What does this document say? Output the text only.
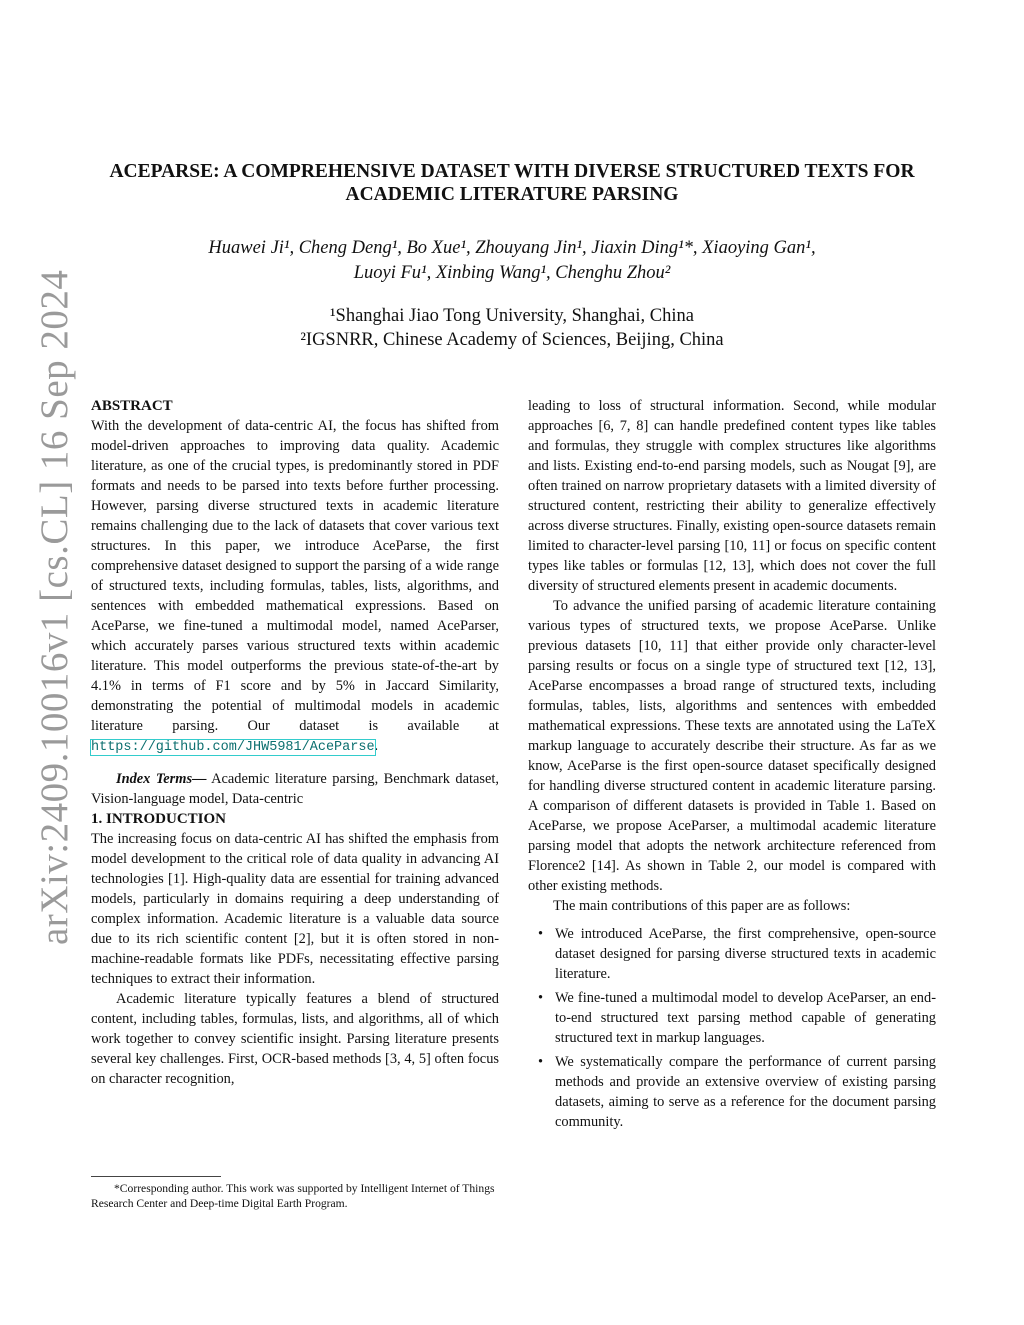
arXiv:2409.10016v1 [cs.CL] 16 Sep 2024
ACEPARSE: A COMPREHENSIVE DATASET WITH DIVERSE STRUCTURED TEXTS FOR
ACADEMIC LITERATURE PARSING
Huawei Ji¹, Cheng Deng¹, Bo Xue¹, Zhouyang Jin¹, Jiaxin Ding¹*, Xiaoying Gan¹,
Luoyi Fu¹, Xinbing Wang¹, Chenghu Zhou²
¹Shanghai Jiao Tong University, Shanghai, China
²IGSNRR, Chinese Academy of Sciences, Beijing, China

ABSTRACT

With the development of data-centric AI, the focus has shifted from model-driven approaches to improving data quality. Academic literature, as one of the crucial types, is predominantly stored in PDF formats and needs to be parsed into texts before further processing. However, parsing diverse structured texts in academic literature remains challenging due to the lack of datasets that cover various text structures. In this paper, we introduce AceParse, the first comprehensive dataset designed to support the parsing of a wide range of structured texts, including formulas, tables, lists, algorithms, and sentences with embedded mathematical expressions. Based on AceParse, we fine-tuned a multimodal model, named AceParser, which accurately parses various structured texts within academic literature. This model outperforms the previous state-of-the-art by 4.1% in terms of F1 score and by 5% in Jaccard Similarity, demonstrating the potential of multimodal models in academic literature parsing. Our dataset is available at https://github.com/JHW5981/AceParse.

Index Terms— Academic literature parsing, Benchmark dataset, Vision-language model, Data-centric

1. INTRODUCTION

The increasing focus on data-centric AI has shifted the emphasis from model development to the critical role of data quality in advancing AI technologies [1]. High-quality data are essential for training advanced models, particularly in domains requiring a deep understanding of complex information. Academic literature is a valuable data source due to its rich scientific content [2], but it is often stored in non-machine-readable formats like PDFs, necessitating effective parsing techniques to extract their information.

Academic literature typically features a blend of structured content, including tables, formulas, lists, and algorithms, all of which work together to convey scientific insight. Parsing literature presents several key challenges. First, OCR-based methods [3, 4, 5] often focus on character recognition,

*Corresponding author. This work was supported by Intelligent Internet of Things Research Center and Deep-time Digital Earth Program.

leading to loss of structural information. Second, while modular approaches [6, 7, 8] can handle predefined content types like tables and formulas, they struggle with complex structures like algorithms and lists. Existing end-to-end parsing models, such as Nougat [9], are often trained on narrow proprietary datasets with a limited diversity of structured content, restricting their ability to generalize effectively across diverse structures. Finally, existing open-source datasets remain limited to character-level parsing [10, 11] or focus on specific content types like tables or formulas [12, 13], which does not cover the full diversity of structured elements present in academic documents.

To advance the unified parsing of academic literature containing various types of structured texts, we propose AceParse. Unlike previous datasets [10, 11] that either provide only character-level parsing results or focus on a single type of structured text [12, 13], AceParse encompasses a broad range of structured texts, including formulas, tables, lists, algorithms and sentences with embedded mathematical expressions. These texts are annotated using the LaTeX markup language to accurately describe their structure. As far as we know, AceParse is the first open-source dataset specifically designed for handling diverse structured content in academic literature parsing. A comparison of different datasets is provided in Table 1. Based on AceParse, we propose AceParser, a multimodal academic literature parsing model that adopts the network architecture referenced from Florence2 [14]. As shown in Table 2, our model is compared with other existing methods.

The main contributions of this paper are as follows:

• We introduced AceParse, the first comprehensive, open-source dataset designed for parsing diverse structured texts in academic literature.
• We fine-tuned a multimodal model to develop AceParser, an end-to-end structured text parsing method capable of generating structured text in markup languages.
• We systematically compare the performance of current parsing methods and provide an extensive overview of existing parsing datasets, aiming to serve as a reference for the document parsing community.
